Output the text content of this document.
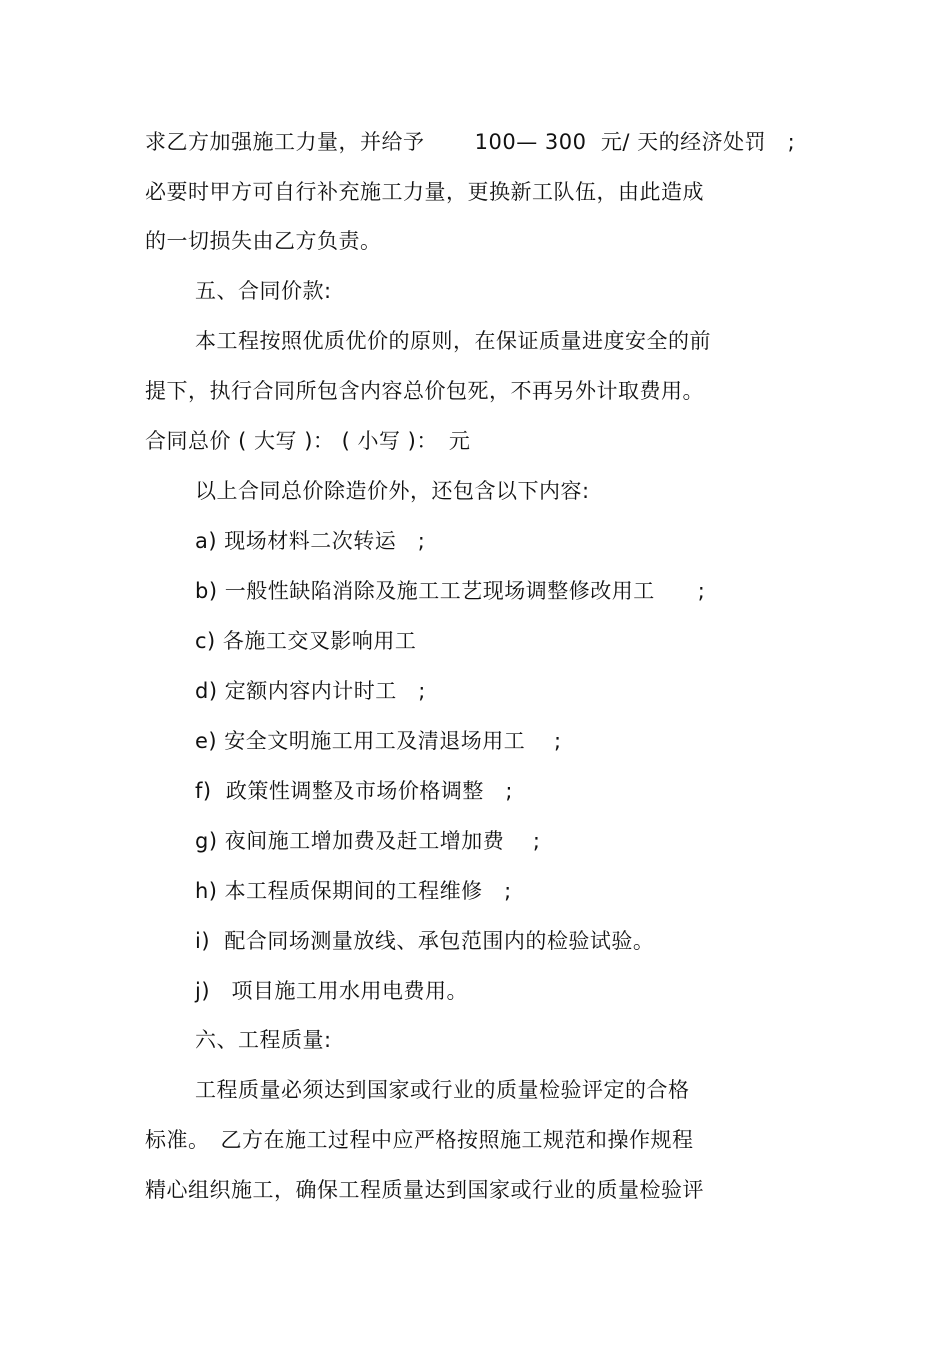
求乙方加强施工力量，并给予　 　100— 300  元/ 天的经济处罚　;
必要时甲方可自行补充施工力量，更换新工队伍，由此造成
的一切损失由乙方负责。
五、合同价款:
本工程按照优质优价的原则，在保证质量进度安全的前
提下，执行合同所包含内容总价包死，不再另外计取费用。
合同总价 ( 大写 )： ( 小写 )：　元
以上合同总价除造价外，还包含以下内容:
a) 现场材料二次转运　;
b) 一般性缺陷消除及施工工艺现场调整修改用工　　;
c) 各施工交叉影响用工
d) 定额内容内计时工　;
e) 安全文明施工用工及清退场用工　 ;
f)  政策性调整及市场价格调整　;
g) 夜间施工增加费及赶工增加费　 ;
h) 本工程质保期间的工程维修　;
i)  配合同场测量放线、承包范围内的检验试验。
j)　项目施工用水用电费用。
六、工程质量:
工程质量必须达到国家或行业的质量检验评定的合格
标准。　乙方在施工过程中应严格按照施工规范和操作规程
精心组织施工，确保工程质量达到国家或行业的质量检验评
